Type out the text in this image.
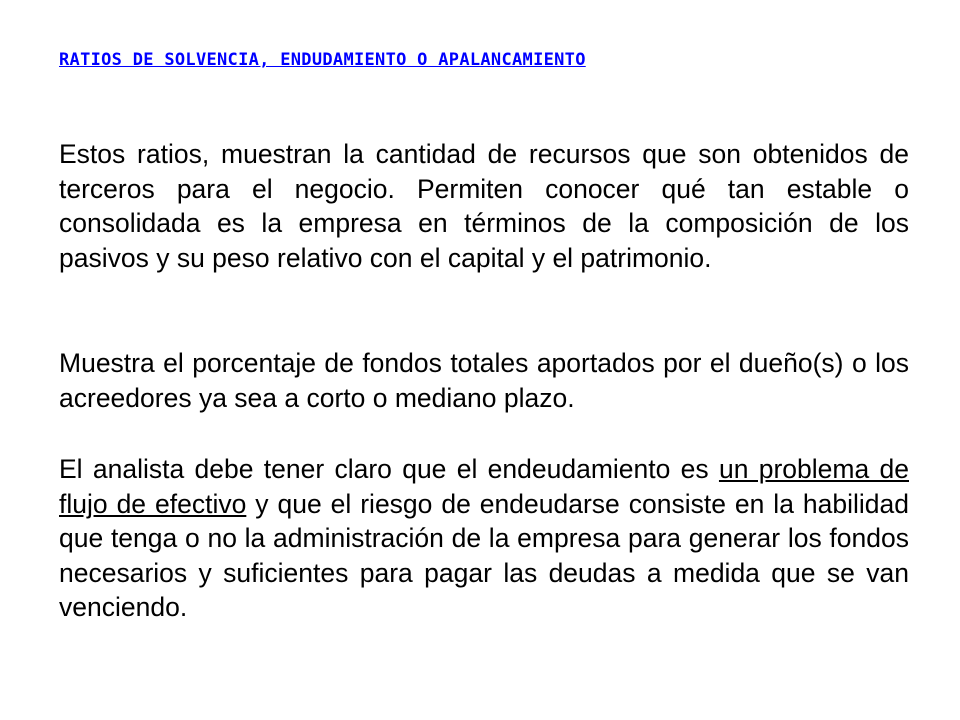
RATIOS DE SOLVENCIA, ENDUDAMIENTO O APALANCAMIENTO

Estos ratios, muestran la cantidad de recursos que son obtenidos de terceros para el negocio. Permiten conocer qué tan estable o consolidada es la empresa en términos de la composición de los pasivos y su peso relativo con el capital y el patrimonio.

Muestra el porcentaje de fondos totales aportados por el dueño(s) o los acreedores ya sea a corto o mediano plazo.

El analista debe tener claro que el endeudamiento es un problema de flujo de efectivo y que el riesgo de endeudarse consiste en la habilidad que tenga o no la administración de la empresa para generar los fondos necesarios y suficientes para pagar las deudas a medida que se van venciendo.
